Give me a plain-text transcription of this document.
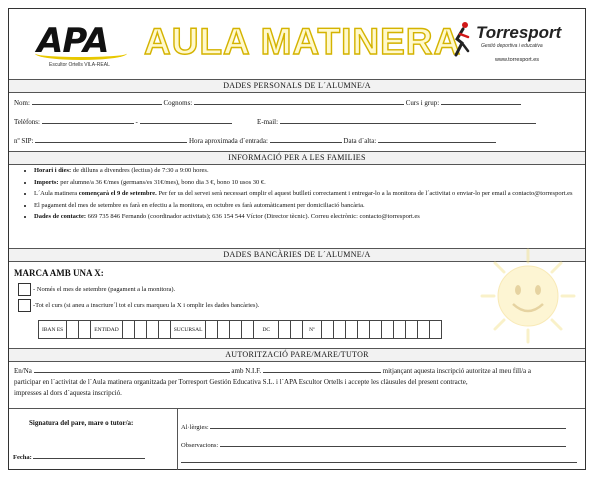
APA
Escultor Ortells VILA-REAL
AULA MATINERA Torresport
Gestió deportiva i educativa
www.torresport.es
DADES PERSONALS DE L´ALUMNE/A
Nom:	Cognoms:	Curs i grup:
Telèfons:	-	E-mail:
nº SIP:	Hora aproximada d´entrada:	Data d´alta:
INFORMACIÓ PER A LES FAMILIES
• Horari i dies: de dilluns a divendres (lectius) de 7:30 a 9:00 hores.
• Imports: per alumne/a 36 €/mes (germans/es 31€/mes), bono dia 3 €, bono 10 usos 30 €.
• L´Aula matinera començarà el 9 de setembre. Per fer us del servei serà necessari omplir el aquest butlletí correctament i entregar-lo a la monitora de l´activitat o enviar-lo per email a contacto@torresport.es
• El pagament del mes de setembre es farà en efectiu a la monitora, en octubre es farà automàticament per domiciliació bancària.
• Dades de contacte: 669 735 846 Fernando (coordinador activitats); 636 154 544 Víctor (Director tècnic). Correu electrònic: contacto@torresport.es
DADES BANCÀRIES DE L´ALUMNE/A
MARCA AMB UNA X:
- Només el mes de setembre (pagament a la monitora).
-Tot el curs (si aneu a inscriure´l tot el curs marqueu la X i omplir les dades bancàries).
IBAN ES			ENTIDAD					SUCURSAL					DC			Nº										
AUTORITZACIÓ PARE/MARE/TUTOR
En/Na	amb N.I.F.	mitjançant aquesta inscripció autoritze al meu fill/a a
participar en l´activitat de l´Aula matinera organitzada per Torresport Gestión Educativa S.L. i l´APA Escultor Ortells i accepte les clàusules del present contracte,
impresses al dors d´aquesta inscripció.
Signatura del pare, mare o tutor/a:
Fecha:
Al·lèrgies:
Observacions:
